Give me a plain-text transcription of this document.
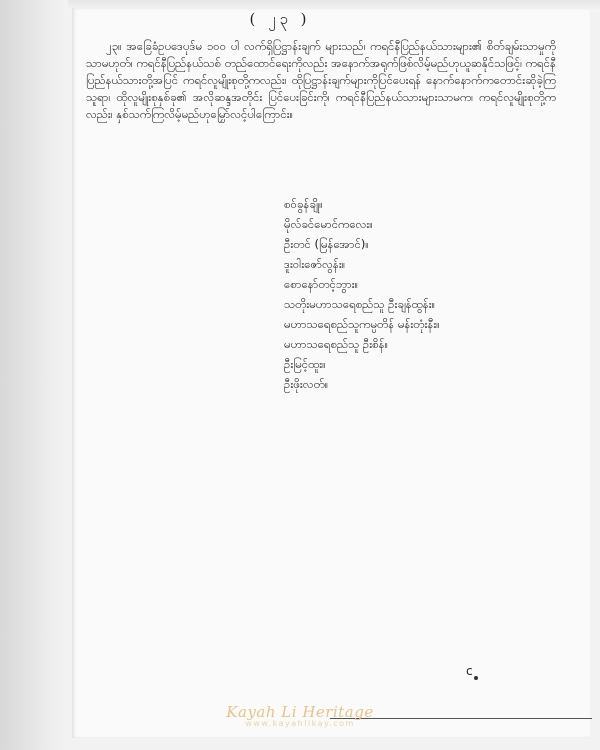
( ၂၃ )
၂၃။ အခြေခံဥပဒေပုဒ်မ ၁၀၀ ပါ လက်ရှိပြဋ္ဌာန်းချက် များသည်၊ ကရင်နီပြည်နယ်သားများ၏ စိတ်ချမ်းသာမှုကိုသာမဟုတ်၊ ကရင်နီပြည်နယ်သစ် တည်ထောင်ရေးကိုလည်း အနောက်အရုက်ဖြစ်လိမ့်မည်ဟုယူဆနိုင်သဖြင့်၊ ကရင်နီပြည်နယ်သားတို့အပြင် ကရင်လူမျိုးစုတို့ကလည်း၊ ထိုပြဋ္ဌာန်းချက်များကိုပြင်ပေးရန် နောက်နောက်ကတောင်းဆိုခဲ့ကြသူရာ၊ ထိုလူမျိုးစုနှစ်ခု၏ အလိုဆန္ဒအတိုင်း ပြင်ပေးခြင်းကို၊ ကရင်နီပြည်နယ်သားများသာမက၊ ကရင်လူမျိုးစုတို့ကလည်း၊ နှစ်သက်ကြလိမ့်မည်ဟုမြှော်လင့်ပါကြောင်း။
စဝ်ခွန်ချို။
မိုလ်ခင်မောင်ကလေး။
ဦးတင် (မြန်အောင်)။
ဒူးဝါးဇော်လွန်း။
စောနော်တင့်ဘွား။
သတိုးမဟာသရေစည်သူ ဦးချန်ထွန်း။
မဟာသရေစည်သူကမ္ပတိန် မန်းတုံးနီး။
မဟာသရေစည်သူ ဦးစိန်။
ဦးမြင့်ထူး။
ဦးဖိုးလတ်။
c
Kayah Li Heritage
www.kayahlikay.com
